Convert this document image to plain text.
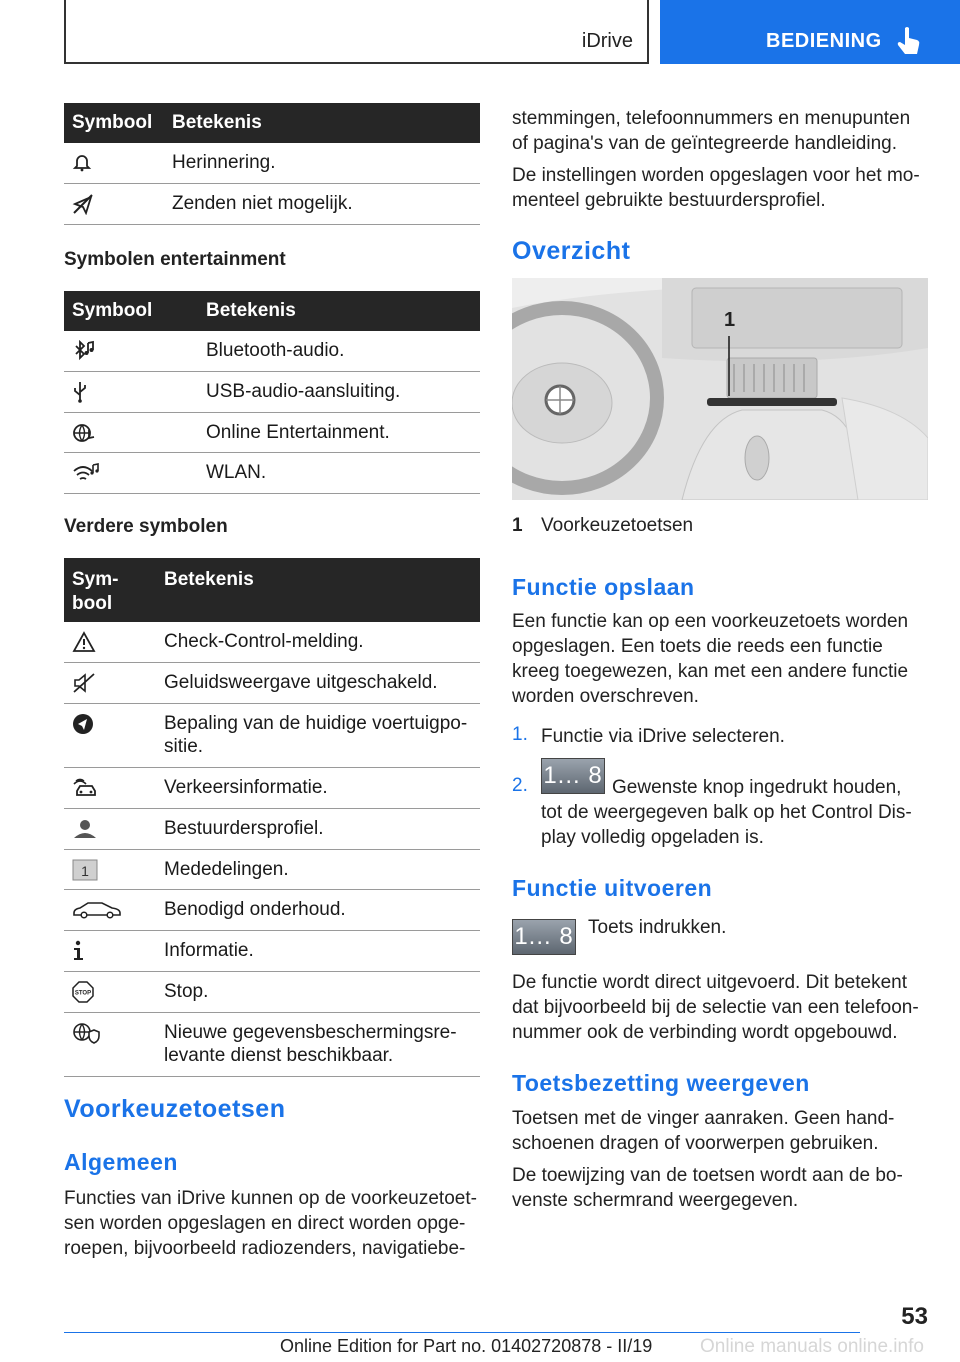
iDrive	BEDIENING
Symbool	Betekenis

	Herinnering.

	Zenden niet mogelijk.
Symbolen entertainment
Symbool	Betekenis

	Bluetooth-audio.

	USB-audio-aansluiting.

	Online Entertainment.

	WLAN.
Verdere symbolen
Sym-
bool	Betekenis

	Check-Control-melding.

	Geluidsweergave uitgeschakeld.

	Bepaling van de huidige voertuigpo-
sitie.

	Verkeersinformatie.

	Bestuurdersprofiel.

1	Mededelingen.

	Benodigd onderhoud.

	Informatie.

STOP	Stop.

	Nieuwe gegevensbeschermingsre-
levante dienst beschikbaar.
Voorkeuzetoetsen
Algemeen
Functies van iDrive kunnen op de voorkeuzetoet-
sen worden opgeslagen en direct worden opge-
roepen, bijvoorbeeld radiozenders, navigatiebe-
stemmingen, telefoonnummers en menupunten
of pagina's van de geïntegreerde handleiding.
De instellingen worden opgeslagen voor het mo-
menteel gebruikte bestuurdersprofiel.
Overzicht
1
1 Voorkeuzetoetsen
Functie opslaan
Een functie kan op een voorkeuzetoets worden
opgeslagen. Een toets die reeds een functie
kreeg toegewezen, kan met een andere functie
worden overschreven.
1. Functie via iDrive selecteren.
2. 1... 8 Gewenste knop ingedrukt houden,
tot de weergegeven balk op het Control Dis-
play volledig opgeladen is.
Functie uitvoeren
1... 8 Toets indrukken.
De functie wordt direct uitgevoerd. Dit betekent
dat bijvoorbeeld bij de selectie van een telefoon-
nummer ook de verbinding wordt opgebouwd.
Toetsbezetting weergeven
Toetsen met de vinger aanraken. Geen hand-
schoenen dragen of voorwerpen gebruiken.
De toewijzing van de toetsen wordt aan de bo-
venste schermrand weergegeven.
53
Online Edition for Part no. 01402720878 - II/19	Online manuals online.info
